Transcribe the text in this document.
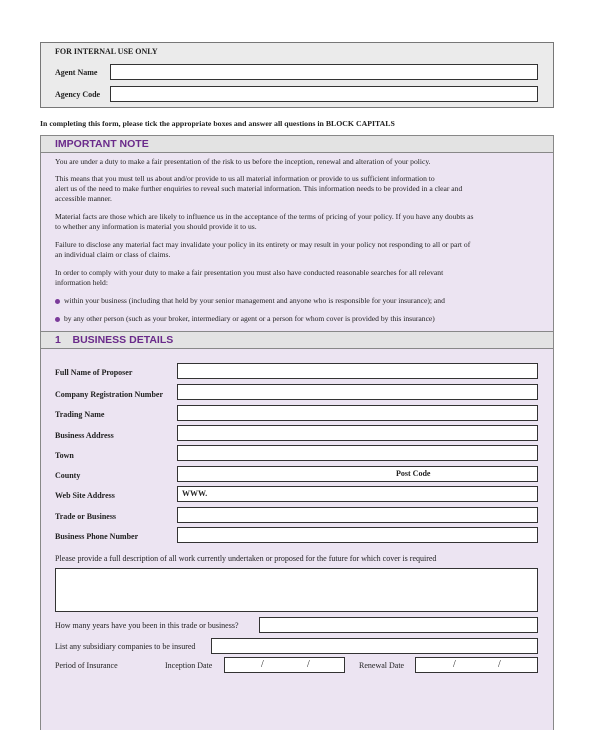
FOR INTERNAL USE ONLY
Agent Name
Agency Code
In completing this form, please tick the appropriate boxes and answer all questions in BLOCK CAPITALS
IMPORTANT NOTE
You are under a duty to make a fair presentation of the risk to us before the inception, renewal and alteration of your policy.
This means that you must tell us about and/or provide to us all material information or provide to us sufficient information to
alert us of the need to make further enquiries to reveal such material information. This information needs to be provided in a clear and
accessible manner.
Material facts are those which are likely to influence us in the acceptance of the terms of pricing of your policy. If you have any doubts as
to whether any information is material you should provide it to us.
Failure to disclose any material fact may invalidate your policy in its entirety or may result in your policy not responding to all or part of
an individual claim or class of claims.
In order to comply with your duty to make a fair presentation you must also have conducted reasonable searches for all relevant
information held:
within your business (including that held by your senior management and anyone who is responsible for your insurance); and
by any other person (such as your broker, intermediary or agent or a person for whom cover is provided by this insurance)
1    BUSINESS DETAILS
Full Name of Proposer
Company Registration Number
Trading Name
Business Address
Town
County	Post Code
Web Site Address	WWW.
Trade or Business
Business Phone Number
Please provide a full description of all work currently undertaken or proposed for the future for which cover is required
How many years have you been in this trade or business?
List any subsidiary companies to be insured
Period of Insurance	Inception Date	/	/	Renewal Date	/	/
